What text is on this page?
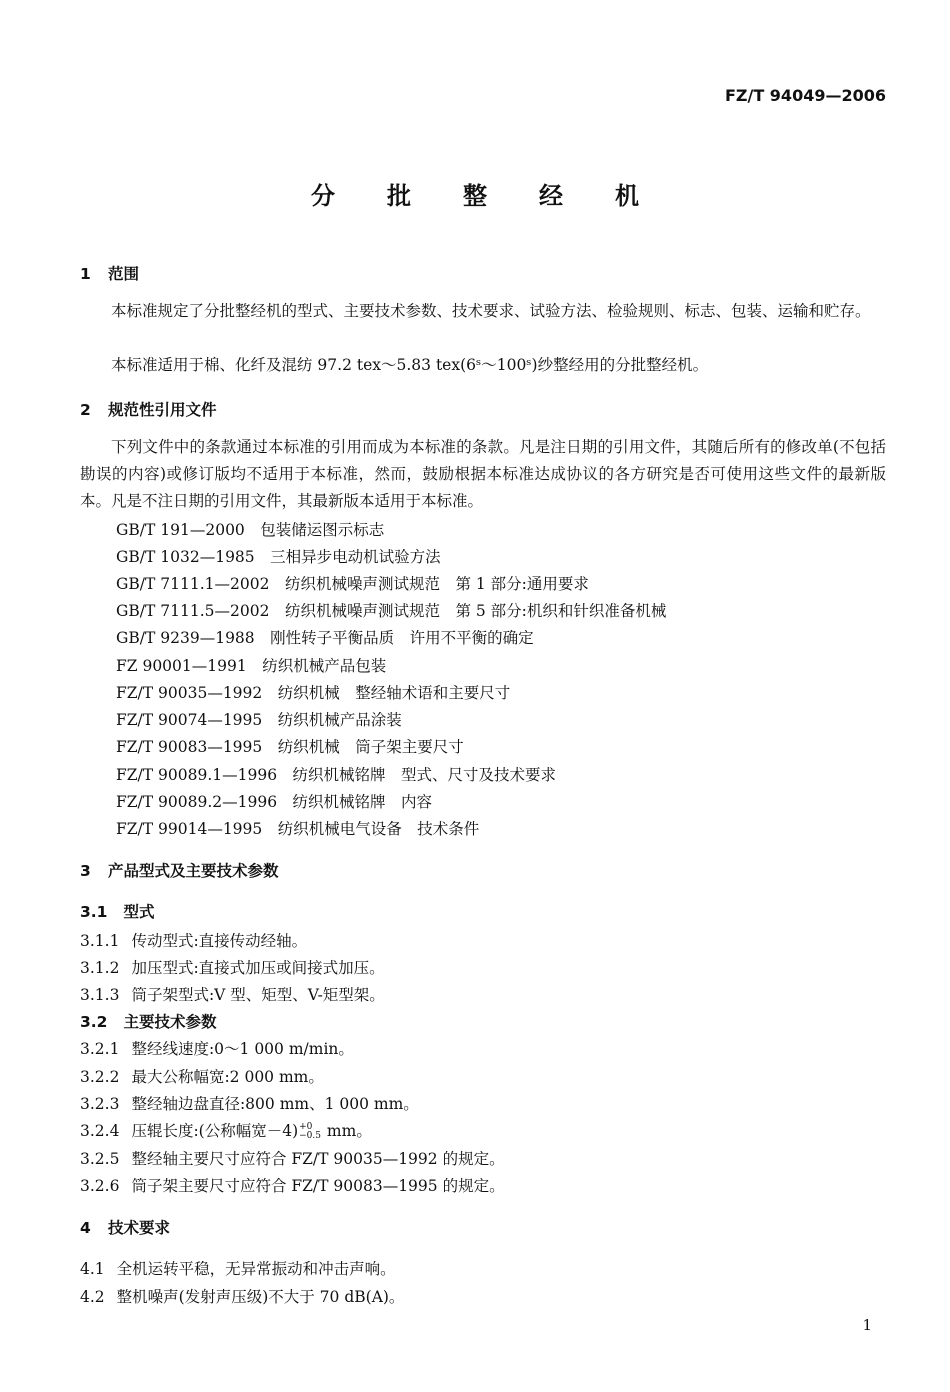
FZ/T 94049—2006
分 批 整 经 机
1 范围
本标准规定了分批整经机的型式、主要技术参数、技术要求、试验方法、检验规则、标志、包装、运输和贮存。
本标准适用于棉、化纤及混纺 97.2 tex～5.83 tex(6ˢ～100ˢ)纱整经用的分批整经机。
2 规范性引用文件
下列文件中的条款通过本标准的引用而成为本标准的条款。凡是注日期的引用文件，其随后所有的修改单(不包括勘误的内容)或修订版均不适用于本标准，然而，鼓励根据本标准达成协议的各方研究是否可使用这些文件的最新版本。凡是不注日期的引用文件，其最新版本适用于本标准。
GB/T 191—2000　包装储运图示标志
GB/T 1032—1985　三相异步电动机试验方法
GB/T 7111.1—2002　纺织机械噪声测试规范　第 1 部分:通用要求
GB/T 7111.5—2002　纺织机械噪声测试规范　第 5 部分:机织和针织准备机械
GB/T 9239—1988　刚性转子平衡品质　许用不平衡的确定
FZ 90001—1991　纺织机械产品包装
FZ/T 90035—1992　纺织机械　整经轴术语和主要尺寸
FZ/T 90074—1995　纺织机械产品涂装
FZ/T 90083—1995　纺织机械　筒子架主要尺寸
FZ/T 90089.1—1996　纺织机械铭牌　型式、尺寸及技术要求
FZ/T 90089.2—1996　纺织机械铭牌　内容
FZ/T 99014—1995　纺织机械电气设备　技术条件
3 产品型式及主要技术参数
3.1 型式
3.1.1 传动型式:直接传动经轴。
3.1.2 加压型式:直接式加压或间接式加压。
3.1.3 筒子架型式:V 型、矩型、V-矩型架。
3.2 主要技术参数
3.2.1 整经线速度:0～1 000 m/min。
3.2.2 最大公称幅宽:2 000 mm。
3.2.3 整经轴边盘直径:800 mm、1 000 mm。
3.2.4 压辊长度:(公称幅宽－4) +0
−0.5 mm。
3.2.5 整经轴主要尺寸应符合 FZ/T 90035—1992 的规定。
3.2.6 筒子架主要尺寸应符合 FZ/T 90083—1995 的规定。
4 技术要求
4.1 全机运转平稳，无异常振动和冲击声响。
4.2 整机噪声(发射声压级)不大于 70 dB(A)。
1
